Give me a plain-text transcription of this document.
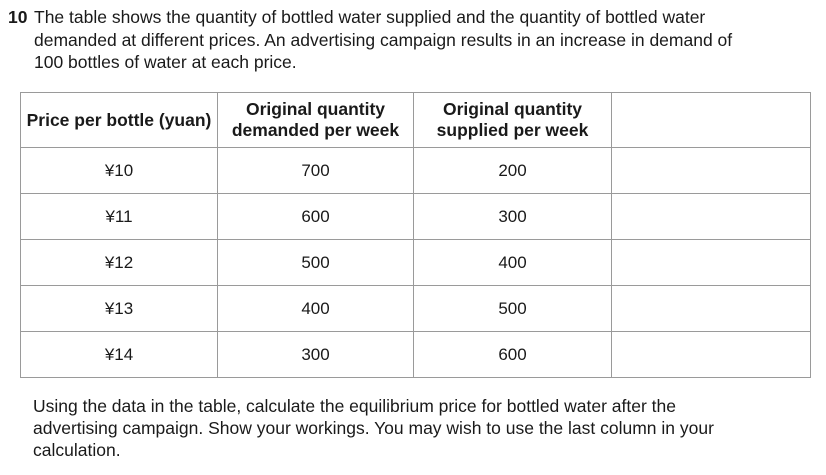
10 The table shows the quantity of bottled water supplied and the quantity of bottled water demanded at different prices. An advertising campaign results in an increase in demand of 100 bottles of water at each price.
Price per bottle (yuan)	Original quantity demanded per week	Original quantity supplied per week	
¥10	700	200	
¥11	600	300	
¥12	500	400	
¥13	400	500	
¥14	300	600	
Using the data in the table, calculate the equilibrium price for bottled water after the advertising campaign. Show your workings. You may wish to use the last column in your calculation.
